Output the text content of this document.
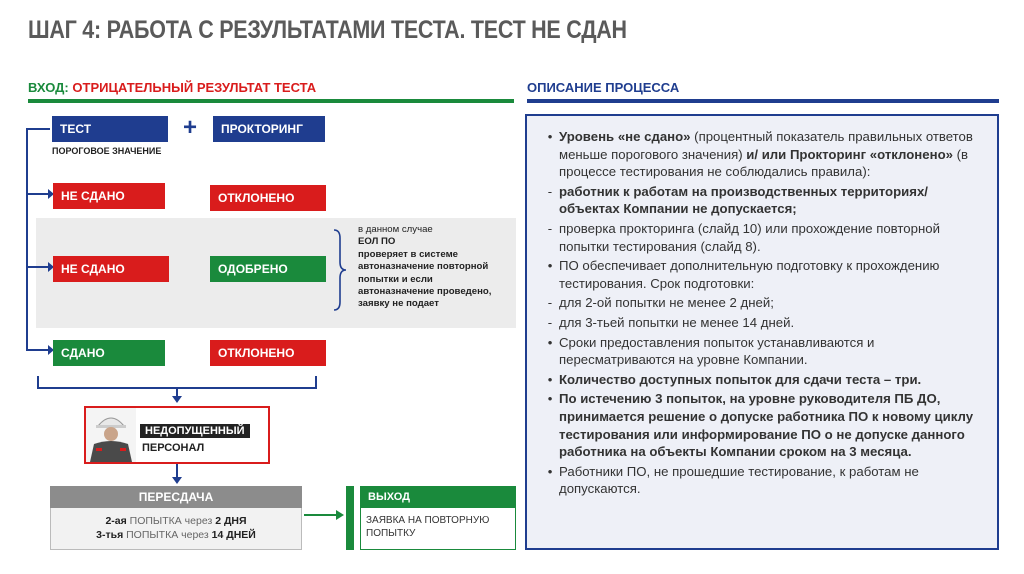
ШАГ 4: РАБОТА С РЕЗУЛЬТАТАМИ ТЕСТА. ТЕСТ НЕ СДАН
ВХОД: ОТРИЦАТЕЛЬНЫЙ РЕЗУЛЬТАТ ТЕСТА	ОПИСАНИЕ ПРОЦЕССА
ТЕСТ
ПОРОГОВОЕ ЗНАЧЕНИЕ
+	ПРОКТОРИНГ
НЕ СДАНО	ОТКЛОНЕНО
НЕ СДАНО	ОДОБРЕНО
в данном случае
ЕОЛ ПО
проверяет в системе
автоназначение повторной
попытки и если
автоназначение проведено,
заявку не подает
СДАНО	ОТКЛОНЕНО
НЕДОПУЩЕННЫЙ
ПЕРСОНАЛ
ПЕРЕСДАЧА
2-ая ПОПЫТКА через 2 ДНЯ
3-тья ПОПЫТКА через 14 ДНЕЙ
ВЫХОД
ЗАЯВКА НА ПОВТОРНУЮ ПОПЫТКУ
• Уровень «не сдано» (процентный показатель правильных ответов меньше порогового значения) и/ или Прокторинг «отклонено» (в процессе тестирования не соблюдались правила):
- работник к работам на производственных территориях/ объектах Компании не допускается;
- проверка прокторинга (слайд 10) или прохождение повторной попытки тестирования (слайд 8).
• ПО обеспечивает дополнительную подготовку к прохождению тестирования. Срок подготовки:
- для 2-ой попытки не менее 2 дней;
- для 3-тьей попытки не менее 14 дней.
• Сроки предоставления попыток устанавливаются и пересматриваются на уровне Компании.
• Количество доступных попыток для сдачи теста – три.
• По истечению 3 попыток, на уровне руководителя ПБ ДО, принимается решение о допуске работника ПО к новому циклу тестирования или информирование ПО о не допуске данного работника на объекты Компании сроком на 3 месяца.
• Работники ПО, не прошедшие тестирование, к работам не допускаются.
